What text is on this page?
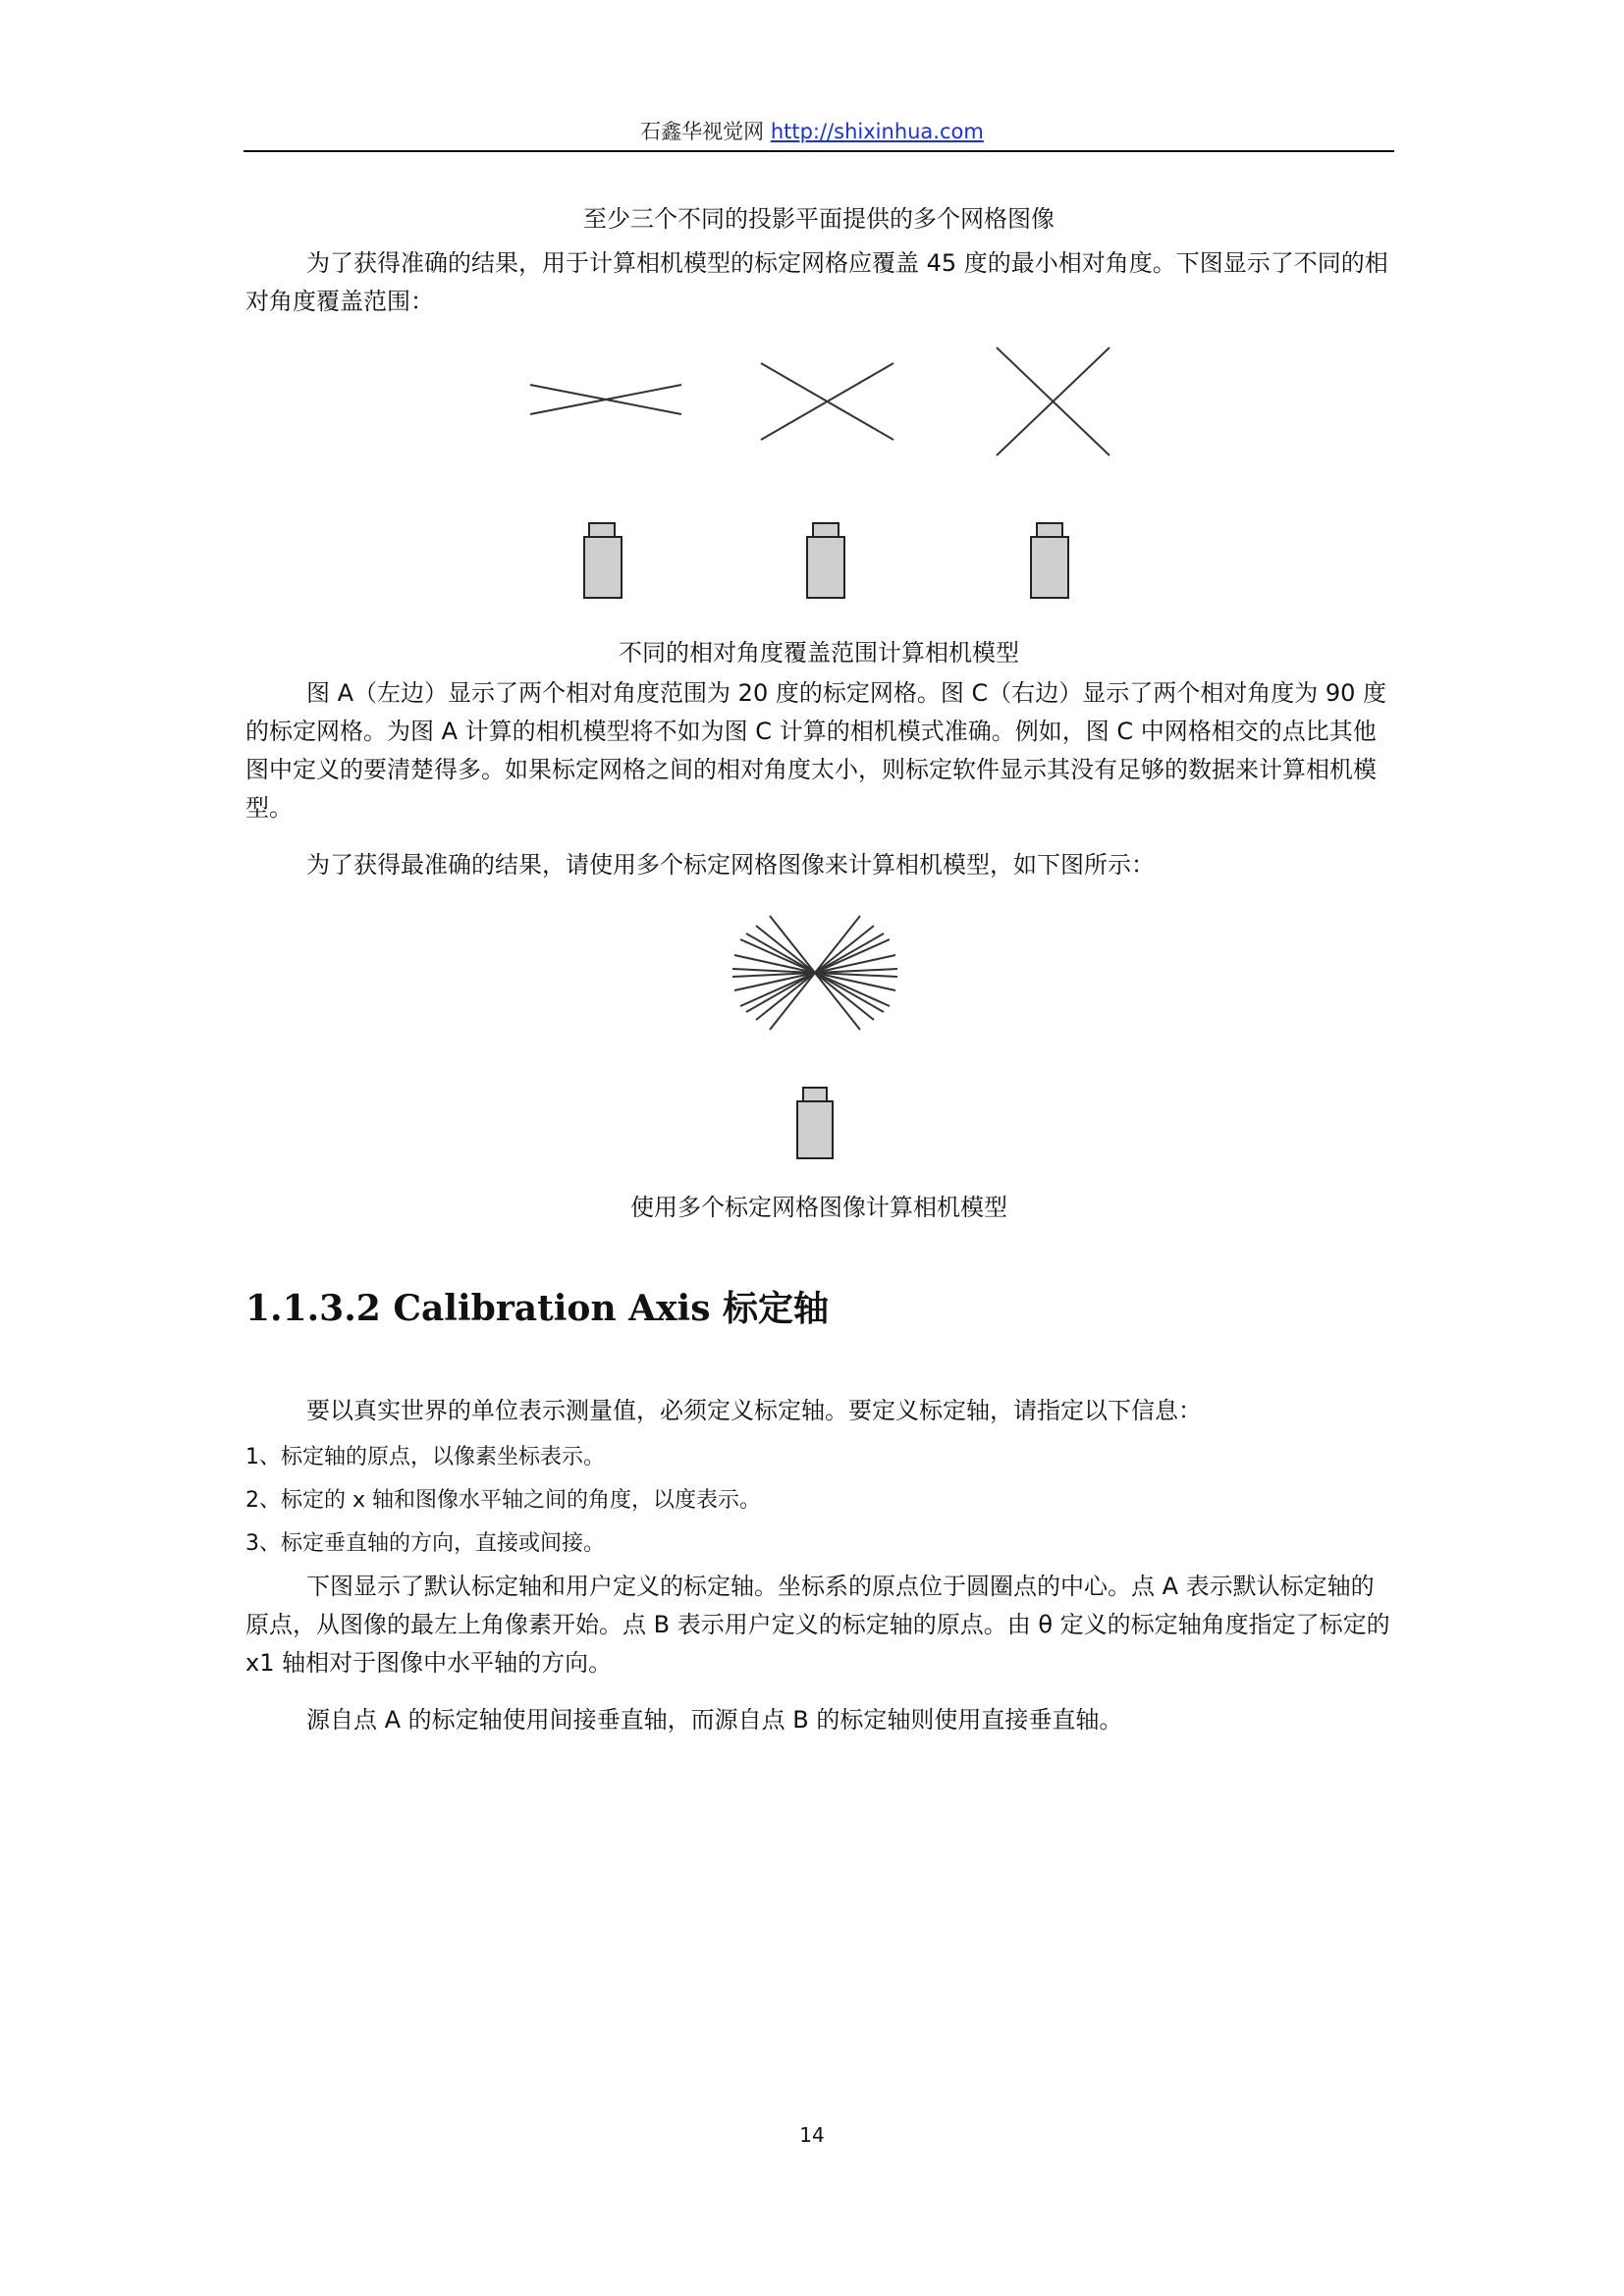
石鑫华视觉网 http://shixinhua.com
至少三个不同的投影平面提供的多个网格图像
为了获得准确的结果，用于计算相机模型的标定网格应覆盖 45 度的最小相对角度。下图显示了不同的相对角度覆盖范围：
不同的相对角度覆盖范围计算相机模型
图 A（左边）显示了两个相对角度范围为 20 度的标定网格。图 C（右边）显示了两个相对角度为 90 度的标定网格。为图 A 计算的相机模型将不如为图 C 计算的相机模式准确。例如，图 C 中网格相交的点比其他图中定义的要清楚得多。如果标定网格之间的相对角度太小，则标定软件显示其没有足够的数据来计算相机模型。
为了获得最准确的结果，请使用多个标定网格图像来计算相机模型，如下图所示：
使用多个标定网格图像计算相机模型
1.1.3.2 Calibration Axis 标定轴
要以真实世界的单位表示测量值，必须定义标定轴。要定义标定轴，请指定以下信息：
1、标定轴的原点，以像素坐标表示。
2、标定的 x 轴和图像水平轴之间的角度，以度表示。
3、标定垂直轴的方向，直接或间接。
下图显示了默认标定轴和用户定义的标定轴。坐标系的原点位于圆圈点的中心。点 A 表示默认标定轴的原点，从图像的最左上角像素开始。点 B 表示用户定义的标定轴的原点。由 θ 定义的标定轴角度指定了标定的 x1 轴相对于图像中水平轴的方向。
源自点 A 的标定轴使用间接垂直轴，而源自点 B 的标定轴则使用直接垂直轴。
14
